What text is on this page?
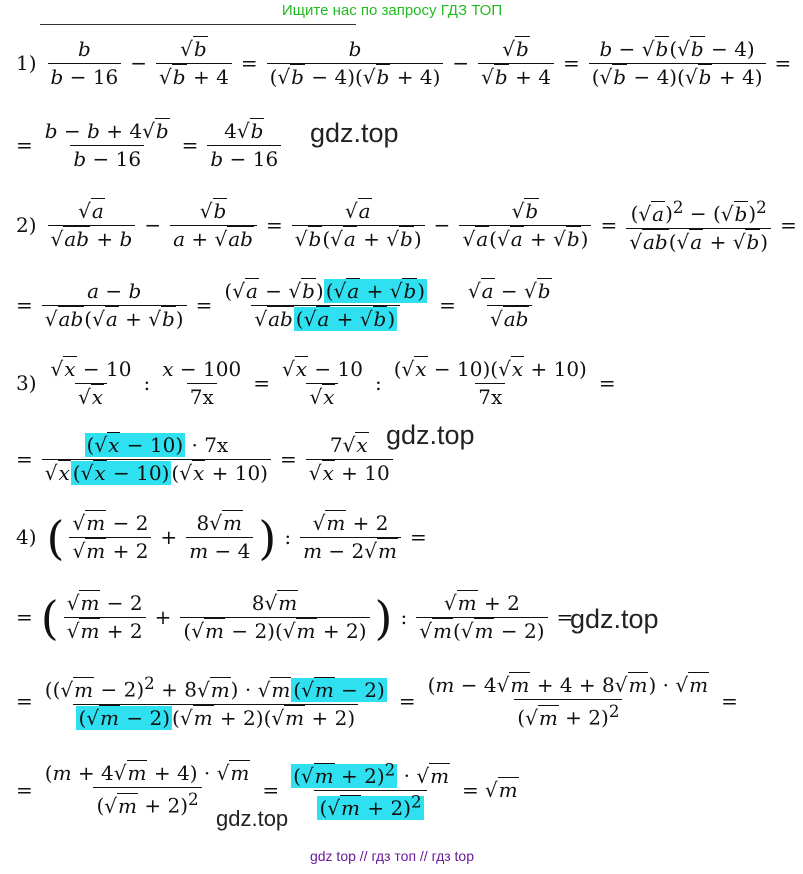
Ищите нас по запросу ГДЗ ТОП
$1) \frac{b}{b - 16}$ − √ b
√ $b + 4 = \frac{b}{( √ b - 4)( √ b + 4)}$ − √ b
√ $b + 4 = \frac{b - √ b( √ b - 4)}{( √ b - 4)( √ b + 4)}$ =
= $\frac{b - b + 4 √ b}{b - 16} = \frac{4 √ b}{b - 16} gdz.top$
2) √ a
√ ab + b − √ $\frac{b}{a + √ ab}$ = √ a
√ b( √ a + √ b) − √ b
√ a( √ a + √ b) = ( √ a)$^2$ − ( √ b)$^2$
√ ab( √ a + √ b) =
= a − b
√ ab( √ a + √ b) = ( √ a − √ b) ( √ a + √ b)
√ ab ( √ a + √ b) = √ a − √ b
√ ab
3) √ x − 10
√ x : $\frac{x - 100}{7x}$ = √ x − 10
√ x : $\frac{( √ x - 10)( √ x + 10)}{7x}$ =
= ( √ x − 10) · 7x
√ x ( √ x − 10) ( √ x + 10) = 7 √ x
√ x + 10
gdz.top
4) ( √ m − 2
√ $m + 2 + \frac{8 √ m}{m - 4}$ ) : √ $\frac{m + 2}{m - 2 √ m}$ =
= ( √ m − 2
√ $m + 2 + \frac{8 √ m}{( √ m - 2)( √ m + 2)}$ ) : √ m + 2
√ m( √ m − 2) =
gdz.top
= $\frac{(( √ m - 2)^2 + 8 √ m) \cdot √ m ( √ m - 2)}{( √ m - 2) ( √ m + 2)( √ m + 2)} = \frac{(m - 4 √ m + 4 + 8 √ m) \cdot √ m}{( √ m + 2)^2}$ =
= $\frac{(m + 4 √ m + 4) \cdot √ m}{( √ m + 2)^2} = \frac{( √ m + 2)^2 \cdot √ m}{( √ m + 2)^2}$ = √ m
gdz.top
gdz top // гдз топ // гдз top
